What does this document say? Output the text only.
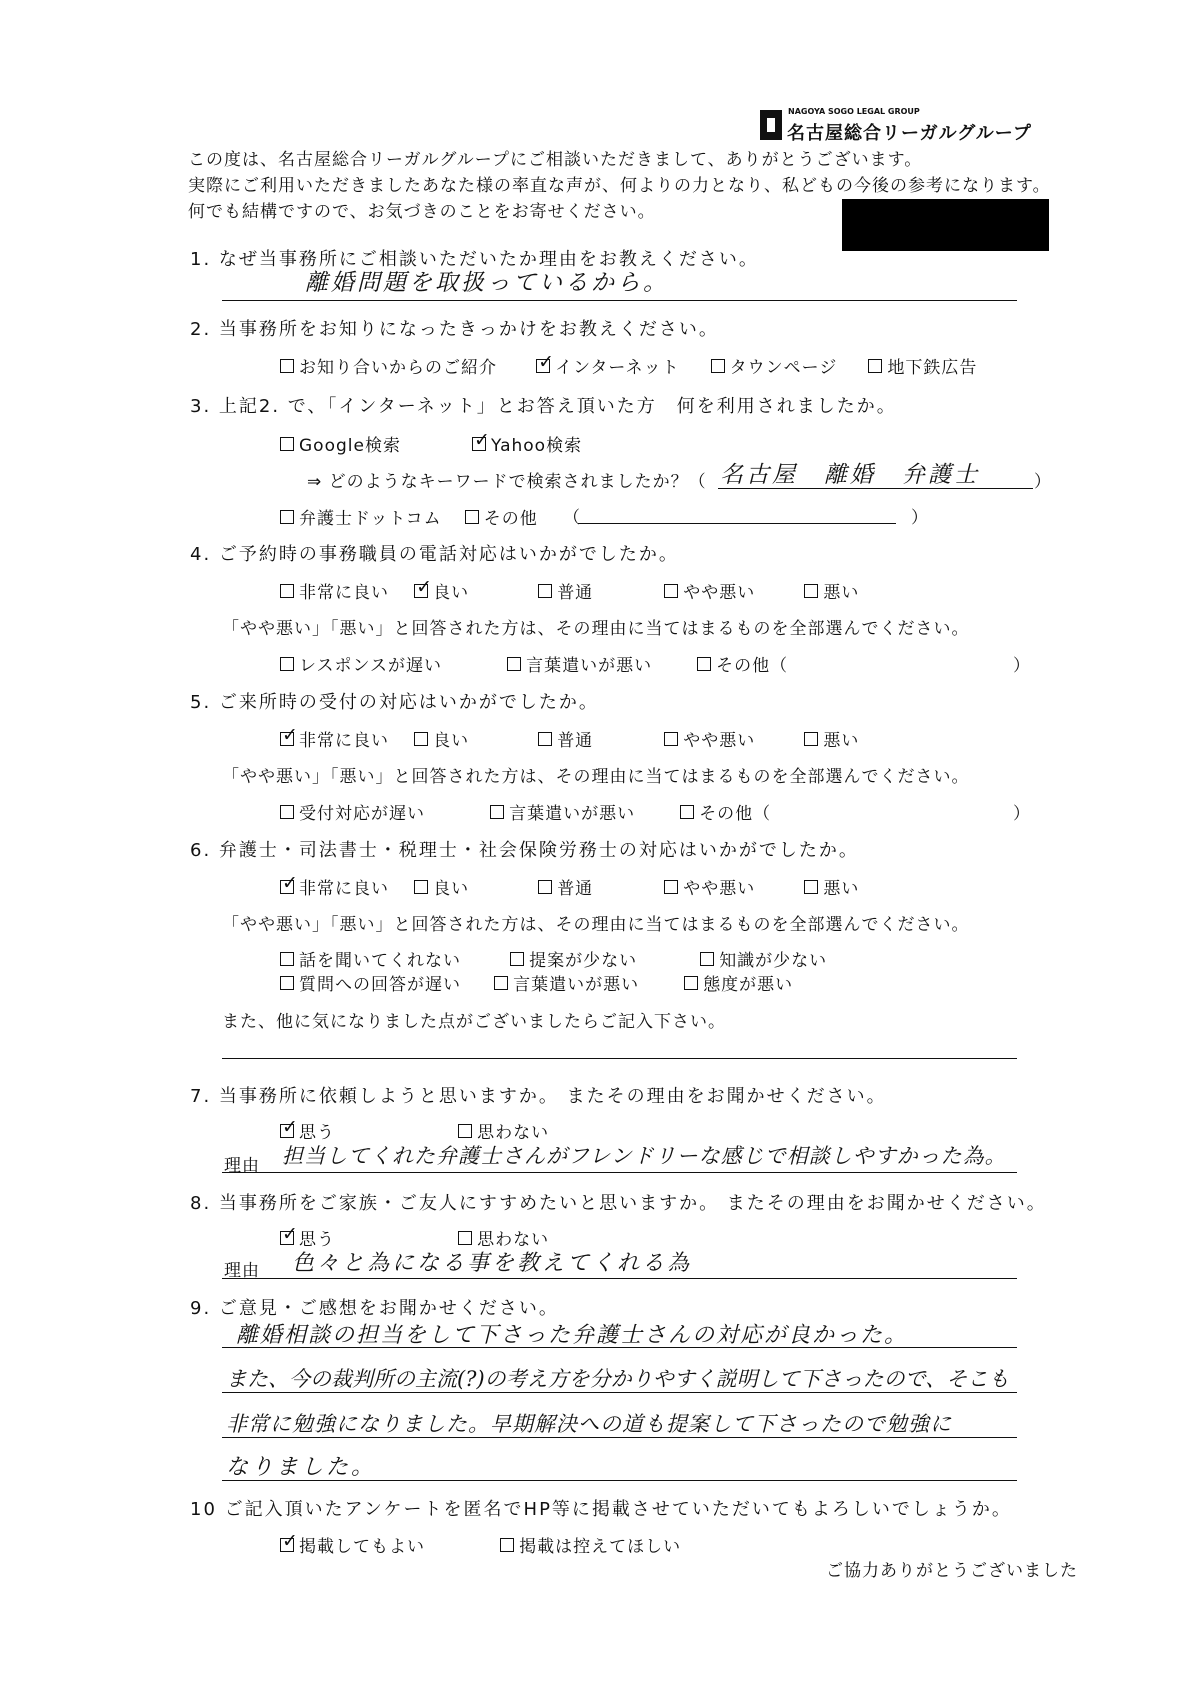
NAGOYA SOGO LEGAL GROUP
名古屋総合リーガルグループ
この度は、名古屋総合リーガルグループにご相談いただきまして、ありがとうございます。
実際にご利用いただきましたあなた様の率直な声が、何よりの力となり、私どもの今後の参考になります。
何でも結構ですので、お気づきのことをお寄せください。
1. なぜ当事務所にご相談いただいたか理由をお教えください。
離婚問題を取扱っているから。
2. 当事務所をお知りになったきっかけをお教えください。
お知り合いからのご紹介
✓	インターネット
	タウンページ
	地下鉄広告
3. 上記2. で、「インターネット」とお答え頂いた方　何を利用されましたか。
Google検索
✓	Yahoo検索
⇒ どのようなキーワードで検索されましたか？（ 名古屋　離婚　弁護士	）
弁護士ドットコム
その他 （	）
4. ご予約時の事務職員の電話対応はいかがでしたか。
非常に良い
✓	良い
	普通
	やや悪い
	悪い
「やや悪い」「悪い」と回答された方は、その理由に当てはまるものを全部選んでください。
レスポンスが遅い
	言葉遣いが悪い
	その他（	）
5. ご来所時の受付の対応はいかがでしたか。
✓
非常に良い
	良い
	普通
	やや悪い
	悪い
「やや悪い」「悪い」と回答された方は、その理由に当てはまるものを全部選んでください。
受付対応が遅い
	言葉遣いが悪い
	その他（	）
6. 弁護士・司法書士・税理士・社会保険労務士の対応はいかがでしたか。
✓
非常に良い
	良い
	普通
	やや悪い
	悪い
「やや悪い」「悪い」と回答された方は、その理由に当てはまるものを全部選んでください。
話を聞いてくれない
	提案が少ない
	知識が少ない
質問への回答が遅い
	言葉遣いが悪い
	態度が悪い
また、他に気になりました点がございましたらご記入下さい。
7. 当事務所に依頼しようと思いますか。 またその理由をお聞かせください。
✓
思う
	思わない
理由 担当してくれた弁護士さんがフレンドリーな感じで相談しやすかった為。
8. 当事務所をご家族・ご友人にすすめたいと思いますか。 またその理由をお聞かせください。
✓
思う
	思わない
理由 色々と為になる事を教えてくれる為
9. ご意見・ご感想をお聞かせください。
離婚相談の担当をして下さった弁護士さんの対応が良かった。
また、今の裁判所の主流(?)の考え方を分かりやすく説明して下さったので、そこも
非常に勉強になりました。早期解決への道も提案して下さったので勉強に
なりました。
10 ご記入頂いたアンケートを匿名でHP等に掲載させていただいてもよろしいでしょうか。
✓
掲載してもよい
	掲載は控えてほしい
ご協力ありがとうございました
